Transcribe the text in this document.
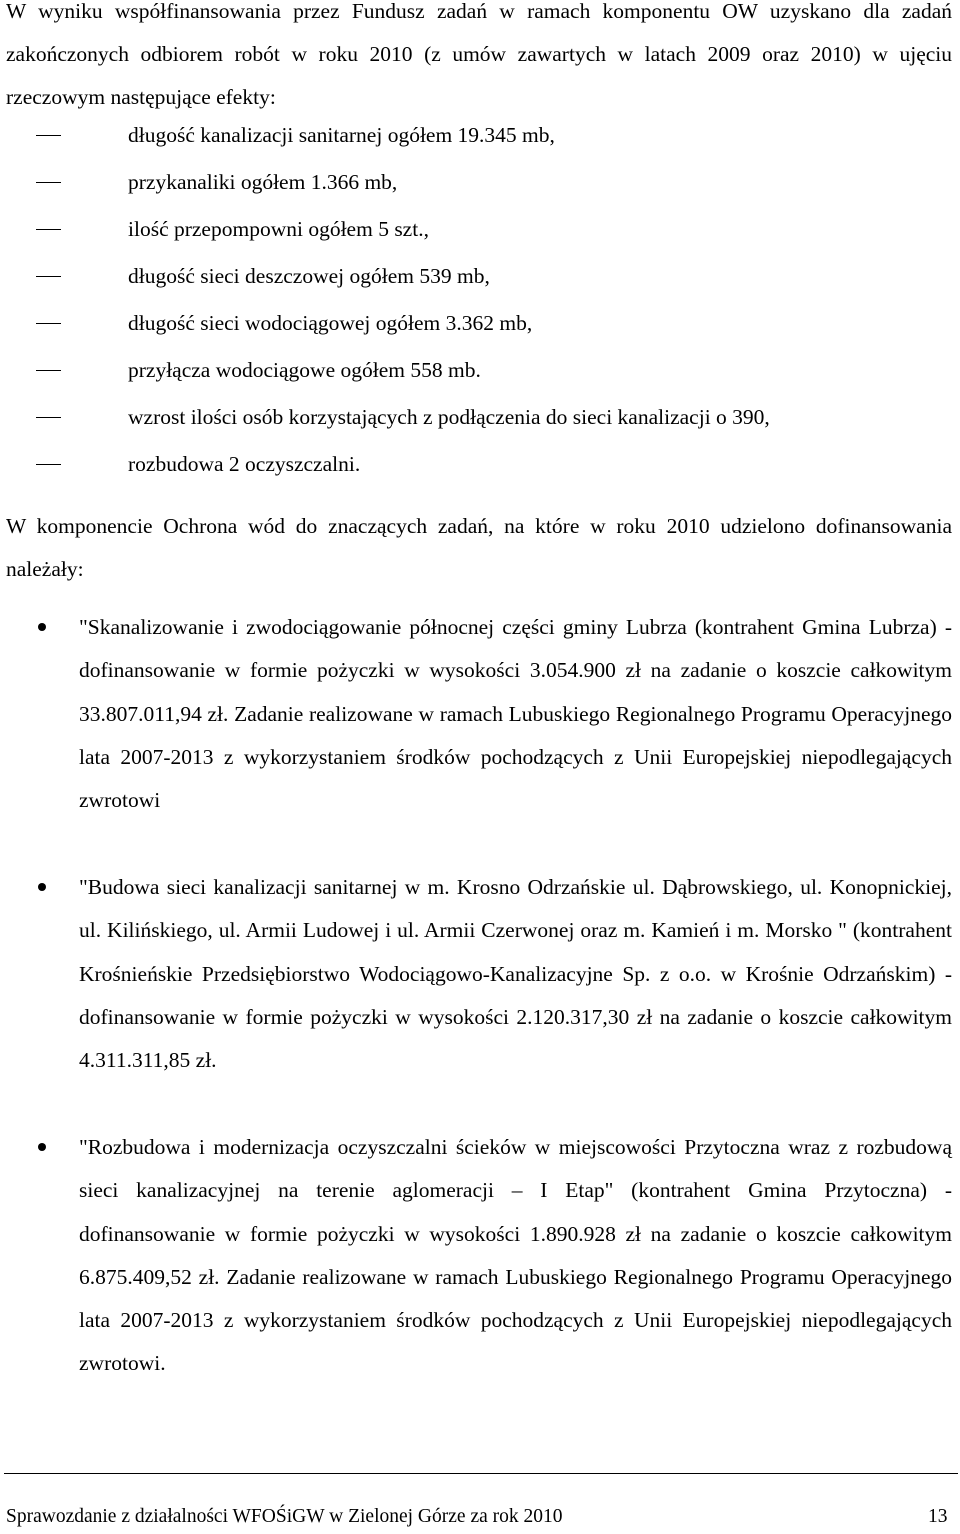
W wyniku współfinansowania przez Fundusz zadań w ramach komponentu OW uzyskano dla zadań zakończonych odbiorem robót w roku 2010 (z umów zawartych w latach 2009 oraz 2010) w ujęciu rzeczowym następujące efekty:

długość kanalizacji sanitarnej ogółem 19.345 mb,
przykanaliki ogółem 1.366 mb,
ilość przepompowni ogółem 5 szt.,
długość sieci deszczowej ogółem 539 mb,
długość sieci wodociągowej ogółem 3.362 mb,
przyłącza wodociągowe ogółem 558 mb.
wzrost ilości osób korzystających z podłączenia do sieci kanalizacji o 390,
rozbudowa 2 oczyszczalni.

W komponencie Ochrona wód do znaczących zadań, na które w roku 2010 udzielono dofinansowania należały:

"Skanalizowanie i zwodociągowanie północnej części gminy Lubrza (kontrahent Gmina Lubrza) - dofinansowanie w formie pożyczki w wysokości 3.054.900 zł na zadanie o koszcie całkowitym 33.807.011,94 zł. Zadanie realizowane w ramach Lubuskiego Regionalnego Programu Operacyjnego lata 2007-2013 z wykorzystaniem środków pochodzących z Unii Europejskiej niepodlegających zwrotowi
"Budowa sieci kanalizacji sanitarnej w m. Krosno Odrzańskie ul. Dąbrowskiego, ul. Konopnickiej, ul. Kilińskiego, ul. Armii Ludowej i ul. Armii Czerwonej oraz m. Kamień i m. Morsko " (kontrahent Krośnieńskie Przedsiębiorstwo Wodociągowo-Kanalizacyjne Sp. z o.o. w Krośnie Odrzańskim) - dofinansowanie w formie pożyczki w wysokości 2.120.317,30 zł na zadanie o koszcie całkowitym 4.311.311,85 zł.
"Rozbudowa i modernizacja oczyszczalni ścieków w miejscowości Przytoczna wraz z rozbudową sieci kanalizacyjnej na terenie aglomeracji – I Etap" (kontrahent Gmina Przytoczna) - dofinansowanie w formie pożyczki w wysokości 1.890.928 zł na zadanie o koszcie całkowitym 6.875.409,52 zł. Zadanie realizowane w ramach Lubuskiego Regionalnego Programu Operacyjnego lata 2007-2013 z wykorzystaniem środków pochodzących z Unii Europejskiej niepodlegających zwrotowi.
Sprawozdanie z działalności WFOŚiGW w Zielonej Górze za rok 2010	13
